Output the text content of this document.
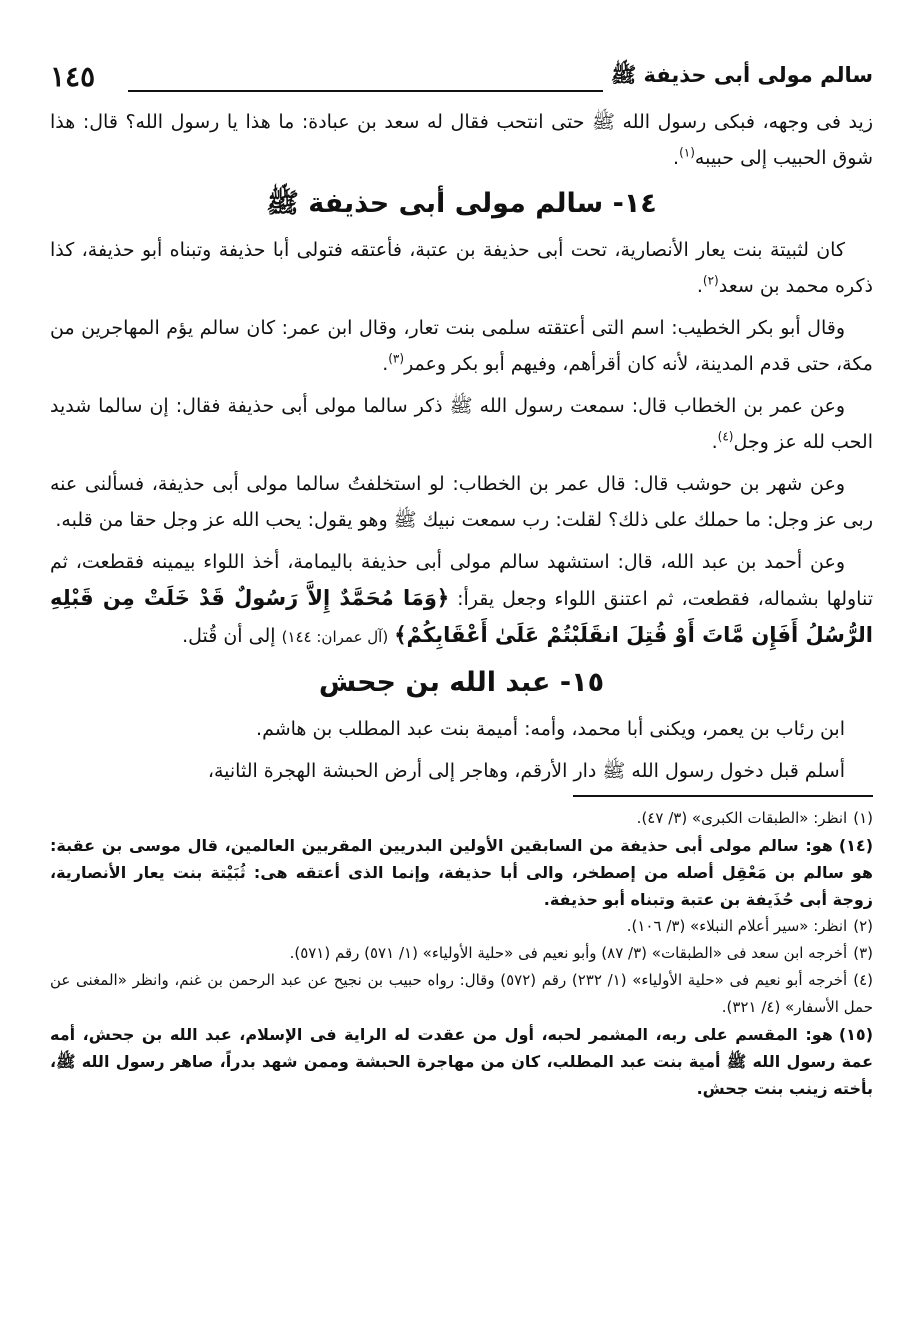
١٤٥	سالم مولى أبى حذيفة ﷺ

زيد فى وجهه، فبكى رسول الله ﷺ حتى انتحب فقال له سعد بن عبادة: ما هذا يا رسول الله؟ قال: هذا شوق الحبيب إلى حبيبه$^{(١)}$.

١٤- سالم مولى أبى حذيفة ﷺ

كان لثبيتة بنت يعار الأنصارية، تحت أبى حذيفة بن عتبة، فأعتقه فتولى أبا حذيفة وتبناه أبو حذيفة، كذا ذكره محمد بن سعد$^{(٢)}$.

وقال أبو بكر الخطيب: اسم التى أعتقته سلمى بنت تعار، وقال ابن عمر: كان سالم يؤم المهاجرين من مكة، حتى قدم المدينة، لأنه كان أقرأهم، وفيهم أبو بكر وعمر$^{(٣)}$.

وعن عمر بن الخطاب قال: سمعت رسول الله ﷺ ذكر سالما مولى أبى حذيفة فقال: إن سالما شديد الحب لله عز وجل$^{(٤)}$.

وعن شهر بن حوشب قال: قال عمر بن الخطاب: لو استخلفتُ سالما مولى أبى حذيفة، فسألنى عنه ربى عز وجل: ما حملك على ذلك؟ لقلت: رب سمعت نبيك ﷺ وهو يقول: يحب الله عز وجل حقا من قلبه.

وعن أحمد بن عبد الله، قال: استشهد سالم مولى أبى حذيفة باليمامة، أخذ اللواء بيمينه فقطعت، ثم تناولها بشماله، فقطعت، ثم اعتنق اللواء وجعل يقرأ: ﴿وَمَا مُحَمَّدٌ إِلاَّ رَسُولٌ قَدْ خَلَتْ مِن قَبْلِهِ الرُّسُلُ أَفَإِن مَّاتَ أَوْ قُتِلَ انقَلَبْتُمْ عَلَىٰ أَعْقَابِكُمْ﴾ (آل عمران: ١٤٤) إلى أن قُتل.

١٥- عبد الله بن جحش

ابن رئاب بن يعمر، ويكنى أبا محمد، وأمه: أميمة بنت عبد المطلب بن هاشم.

أسلم قبل دخول رسول الله ﷺ دار الأرقم، وهاجر إلى أرض الحبشة الهجرة الثانية،

(١)انظر: «الطبقات الكبرى» (٣/ ٤٧).

(١٤)هو: سالم مولى أبى حذيفة من السابقين الأولين البدريين المقربين العالمين، قال موسى بن عقبة: هو سالم بن مَعْقِل أصله من إصطخر، والى أبا حذيفة، وإنما الذى أعتقه هى: ثُبَيْتة بنت يعار الأنصارية، زوجة أبى حُذَيفة بن عتبة وتبناه أبو حذيفة.

(٢)انظر: «سير أعلام النبلاء» (٣/ ١٠٦).

(٣)أخرجه ابن سعد فى «الطبقات» (٣/ ٨٧) وأبو نعيم فى «حلية الأولياء» (١/ ٥٧١) رقم (٥٧١).

(٤)أخرجه أبو نعيم فى «حلية الأولياء» (١/ ٢٣٢) رقم (٥٧٢) وقال: رواه حبيب بن نجيح عن عبد الرحمن بن غنم، وانظر «المغنى عن حمل الأسفار» (٤/ ٣٢١).

(١٥)هو: المقسم على ربه، المشمر لحبه، أول من عقدت له الراية فى الإسلام، عبد الله بن جحش، أمه عمة رسول الله ﷺ أمية بنت عبد المطلب، كان من مهاجرة الحبشة وممن شهد بدراً، صاهر رسول الله ﷺ، بأخته زينب بنت جحش.
